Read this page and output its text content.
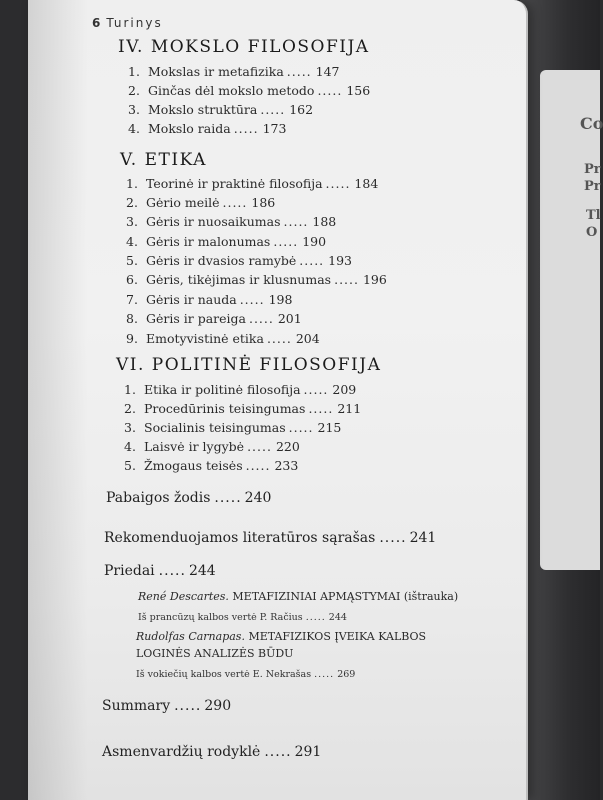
Co
Pr
Pr
Tl
O
6 Turinys
IV. MOKSLO FILOSOFIJA
1. Mokslas ir metafizika ..... 147
2. Ginčas dėl mokslo metodo ..... 156
3. Mokslo struktūra ..... 162
4. Mokslo raida ..... 173
V. ETIKA
1. Teorinė ir praktinė filosofija ..... 184
2. Gėrio meilė ..... 186
3. Gėris ir nuosaikumas ..... 188
4. Gėris ir malonumas ..... 190
5. Gėris ir dvasios ramybė ..... 193
6. Gėris, tikėjimas ir klusnumas ..... 196
7. Gėris ir nauda ..... 198
8. Gėris ir pareiga ..... 201
9. Emotyvistinė etika ..... 204
VI. POLITINĖ FILOSOFIJA
1. Etika ir politinė filosofija ..... 209
2. Procedūrinis teisingumas ..... 211
3. Socialinis teisingumas ..... 215
4. Laisvė ir lygybė ..... 220
5. Žmogaus teisės ..... 233
Pabaigos žodis ..... 240
Rekomenduojamos literatūros sąrašas ..... 241
Priedai ..... 244
René Descartes. METAFIZINIAI APMĄSTYMAI (ištrauka)
Iš prancūzų kalbos vertė P. Račius ..... 244
Rudolfas Carnapas. METAFIZIKOS ĮVEIKA KALBOS
LOGINĖS ANALIZĖS BŪDU
Iš vokiečių kalbos vertė E. Nekrašas ..... 269
Summary ..... 290
Asmenvardžių rodyklė ..... 291
